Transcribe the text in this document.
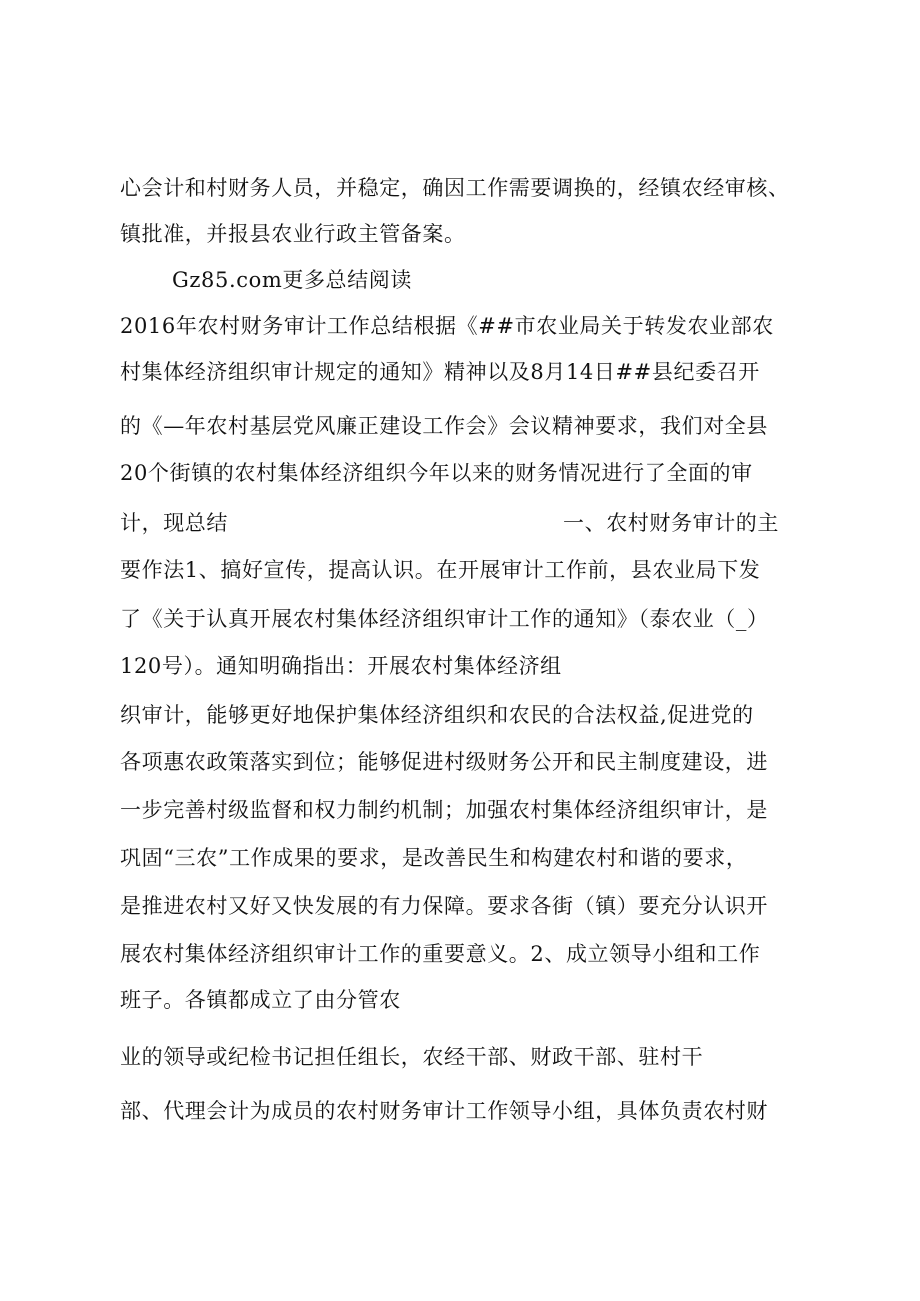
心会计和村财务人员，并稳定，确因工作需要调换的，经镇农经审核、
镇批准，并报县农业行政主管备案。
Gz85.com更多总结阅读
2016年农村财务审计工作总结根据《##市农业局关于转发农业部农
村集体经济组织审计规定的通知》精神以及8月14日##县纪委召开
的《—年农村基层党风廉正建设工作会》会议精神要求，我们对全县
20个街镇的农村集体经济组织今年以来的财务情况进行了全面的审
计，现总结	一、农村财务审计的主
要作法1、搞好宣传，提高认识。在开展审计工作前，县农业局下发
了《关于认真开展农村集体经济组织审计工作的通知》（泰农业（_）
120号）。通知明确指出：开展农村集体经济组
织审计，能够更好地保护集体经济组织和农民的合法权益,促进党的
各项惠农政策落实到位；能够促进村级财务公开和民主制度建设，进
一步完善村级监督和权力制约机制；加强农村集体经济组织审计，是
巩固“三农”工作成果的要求，是改善民生和构建农村和谐的要求，
是推进农村又好又快发展的有力保障。要求各街（镇）要充分认识开
展农村集体经济组织审计工作的重要意义。2、成立领导小组和工作
班子。各镇都成立了由分管农
业的领导或纪检书记担任组长，农经干部、财政干部、驻村干
部、代理会计为成员的农村财务审计工作领导小组，具体负责农村财
